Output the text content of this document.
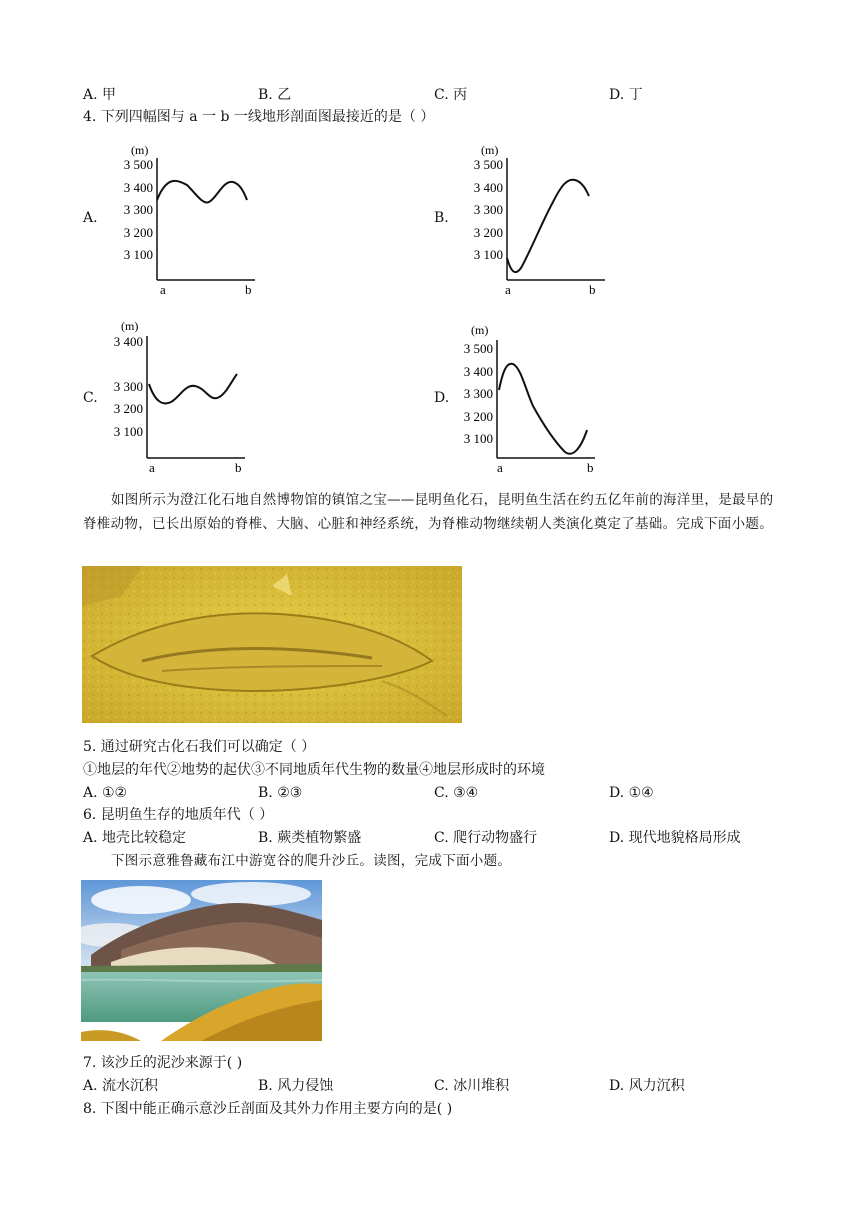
A. 甲	B. 乙	C. 丙	D. 丁
4. 下列四幅图与 a 一 b 一线地形剖面图最接近的是（ ）
A.	B.
C.	D.
(m)
3 500
3 400
3 300
3 200
3 100
a	b
(m)
3 500
3 400
3 300
3 200
3 100
a	b
(m)
3 400
3 300
3 200
3 100
a	b
(m)
3 500
3 400
3 300
3 200
3 100
a	b
如图所示为澄江化石地自然博物馆的镇馆之宝——昆明鱼化石，昆明鱼生活在约五亿年前的海洋里，是最早的脊椎动物，已长出原始的脊椎、大脑、心脏和神经系统，为脊椎动物继续朝人类演化奠定了基础。完成下面小题。
5. 通过研究古化石我们可以确定（ ）
①地层的年代②地势的起伏③不同地质年代生物的数量④地层形成时的环境
A. ①②	B. ②③	C. ③④	D. ①④
6. 昆明鱼生存的地质年代（ ）
A. 地壳比较稳定	B. 蕨类植物繁盛	C. 爬行动物盛行	D. 现代地貌格局形成
下图示意雅鲁藏布江中游宽谷的爬升沙丘。读图，完成下面小题。
7. 该沙丘的泥沙来源于( )
A. 流水沉积	B. 风力侵蚀	C. 冰川堆积	D. 风力沉积
8. 下图中能正确示意沙丘剖面及其外力作用主要方向的是( )
